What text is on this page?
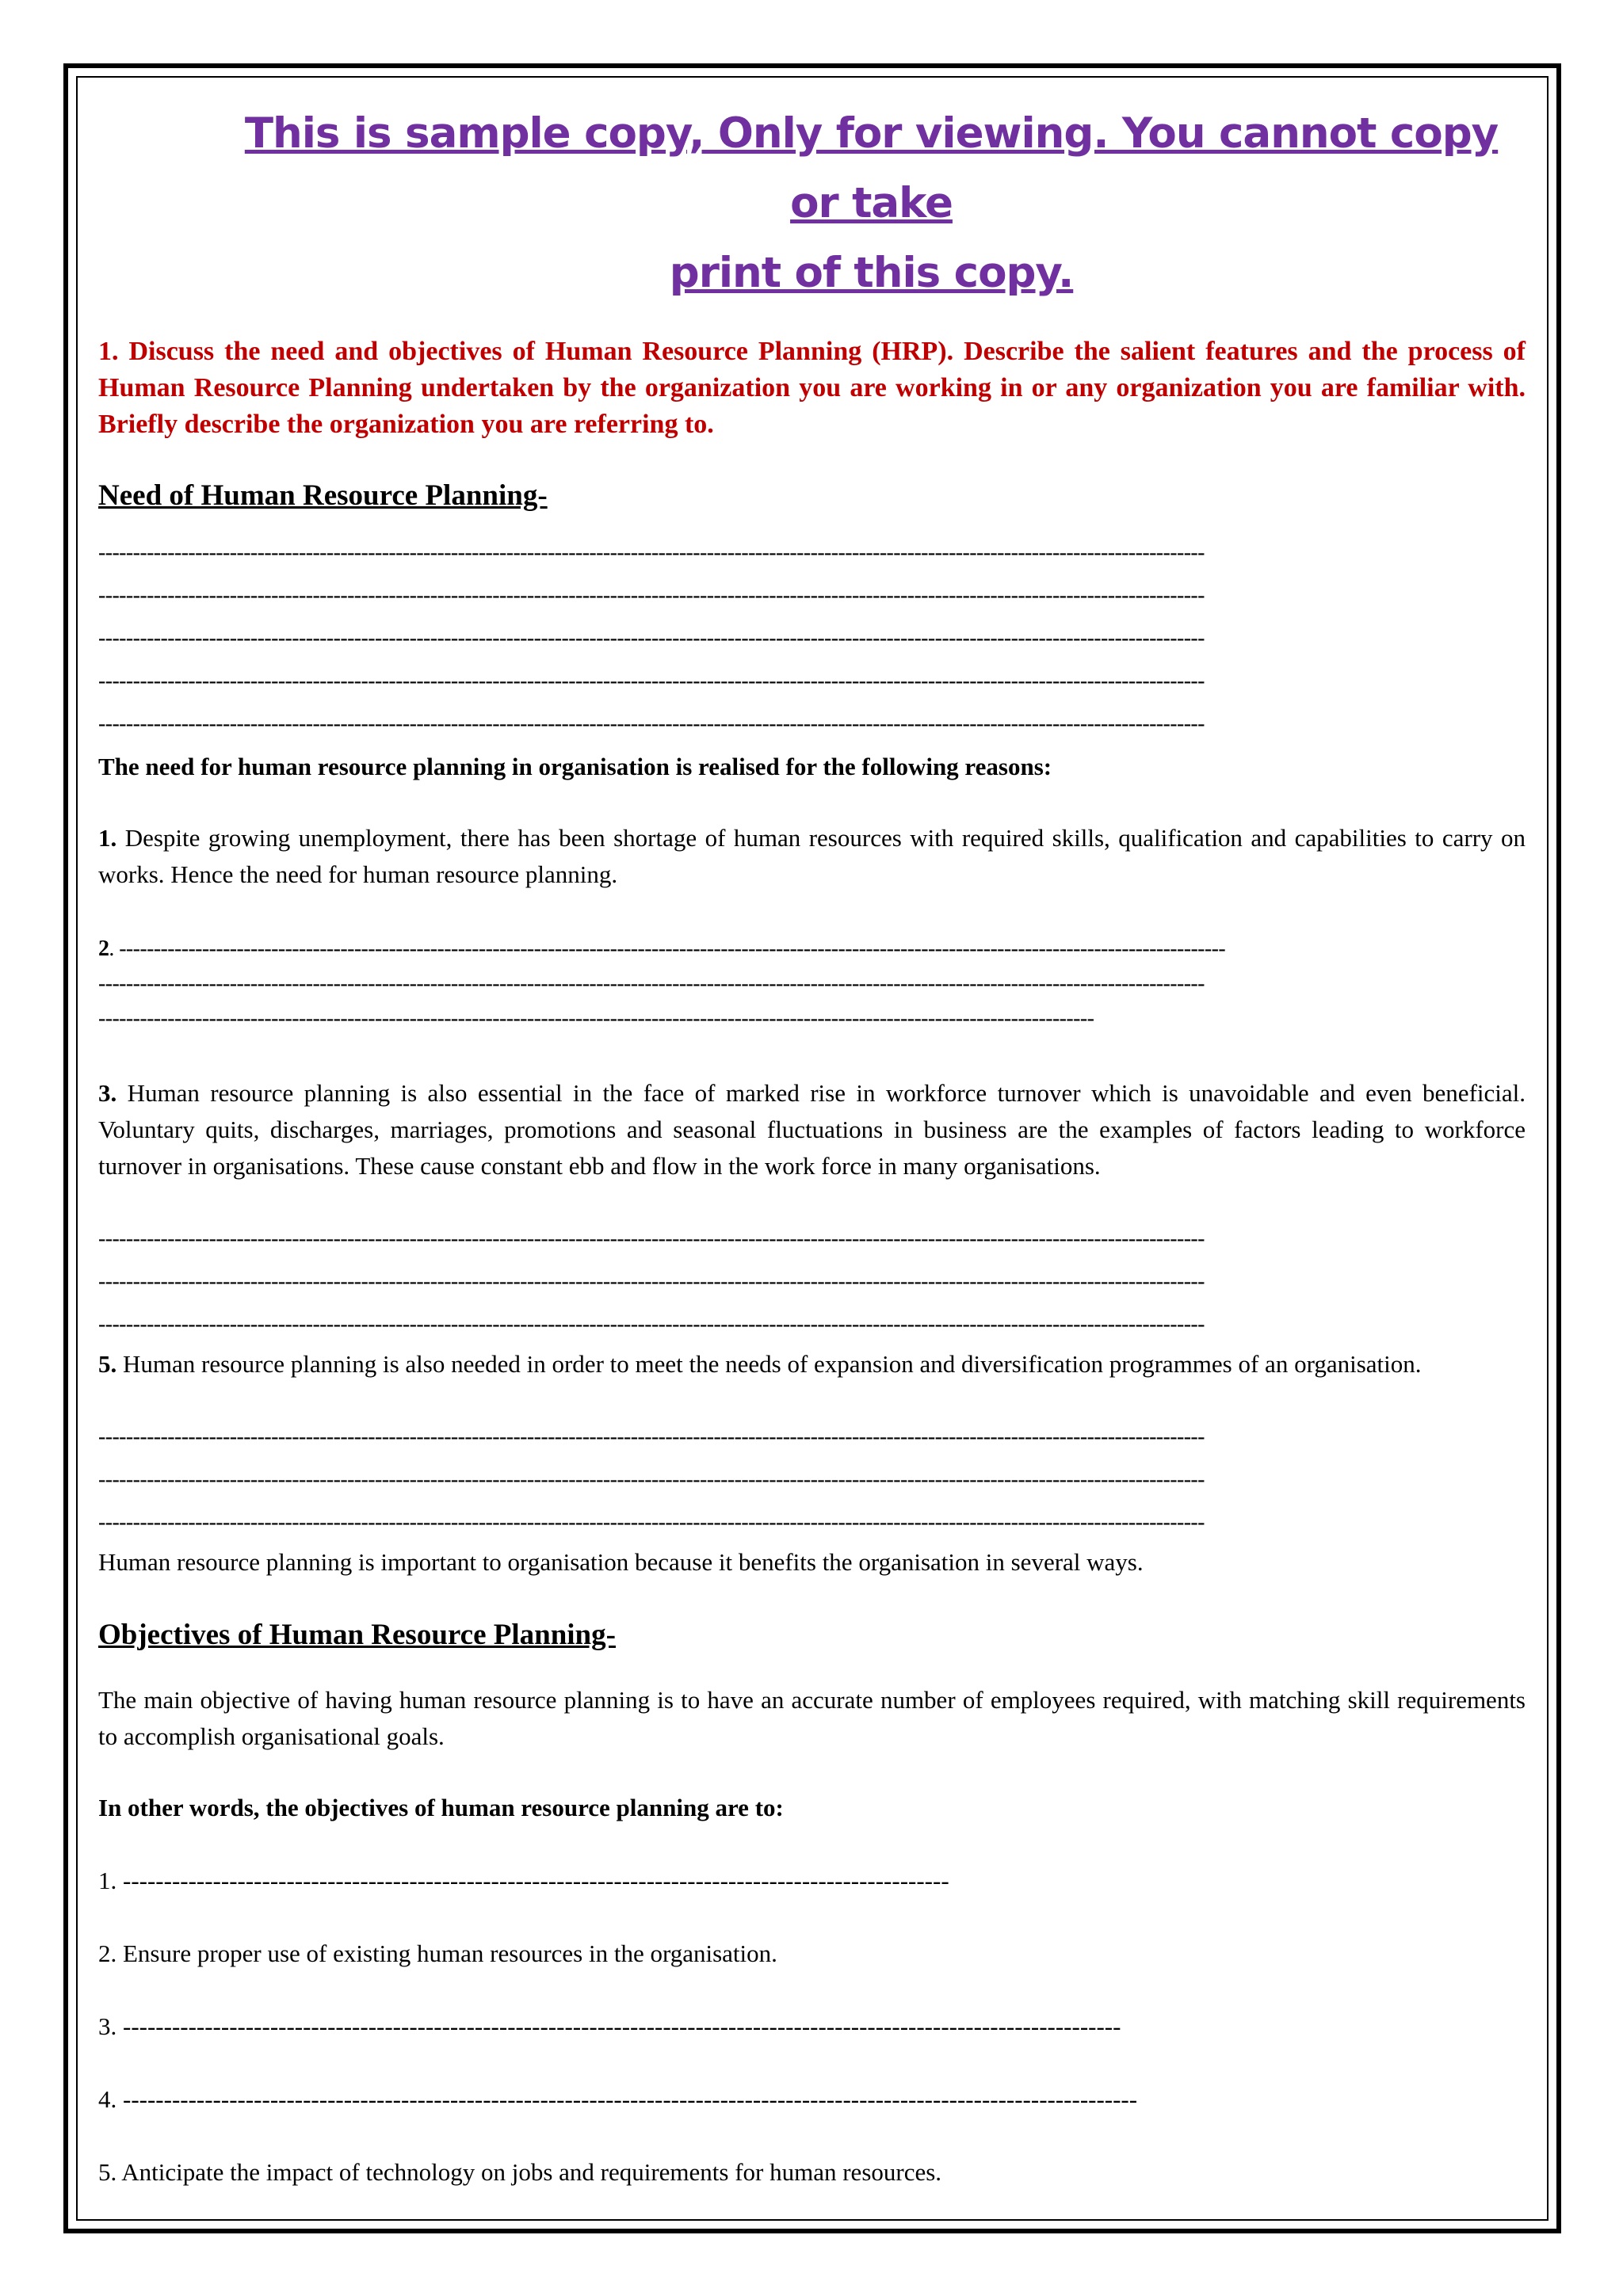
This is sample copy, Only for viewing. You cannot copy or take
print of this copy.
1. Discuss the need and objectives of Human Resource Planning (HRP). Describe the salient features and the process of Human Resource Planning undertaken by the organization you are working in or any organization you are familiar with. Briefly describe the organization you are referring to.
Need of Human Resource Planning-
----------------------------------------------------------------------------------------------------------------------------------------------------------------
----------------------------------------------------------------------------------------------------------------------------------------------------------------
----------------------------------------------------------------------------------------------------------------------------------------------------------------
----------------------------------------------------------------------------------------------------------------------------------------------------------------
----------------------------------------------------------------------------------------------------------------------------------------------------------------

The need for human resource planning in organisation is realised for the following reasons:

1. Despite growing unemployment, there has been shortage of human resources with required skills, qualification and capabilities to carry on works. Hence the need for human resource planning.

2. ----------------------------------------------------------------------------------------------------------------------------------------------------------------
----------------------------------------------------------------------------------------------------------------------------------------------------------------
------------------------------------------------------------------------------------------------------------------------------------------------

3. Human resource planning is also essential in the face of marked rise in workforce turnover which is unavoidable and even beneficial. Voluntary quits, discharges, marriages, promotions and seasonal fluctuations in business are the examples of factors leading to workforce turnover in organisations. These cause constant ebb and flow in the work force in many organisations.

----------------------------------------------------------------------------------------------------------------------------------------------------------------
----------------------------------------------------------------------------------------------------------------------------------------------------------------
----------------------------------------------------------------------------------------------------------------------------------------------------------------

5. Human resource planning is also needed in order to meet the needs of expansion and diversification programmes of an organisation.

----------------------------------------------------------------------------------------------------------------------------------------------------------------
----------------------------------------------------------------------------------------------------------------------------------------------------------------
----------------------------------------------------------------------------------------------------------------------------------------------------------------

Human resource planning is important to organisation because it benefits the organisation in several ways.

Objectives of Human Resource Planning-

The main objective of having human resource planning is to have an accurate number of employees required, with matching skill requirements to accomplish organisational goals.

In other words, the objectives of human resource planning are to:

1. -----------------------------------------------------------------------------------------------------
2. Ensure proper use of existing human resources in the organisation.
3. --------------------------------------------------------------------------------------------------------------------------
4. ----------------------------------------------------------------------------------------------------------------------------
5. Anticipate the impact of technology on jobs and requirements for human resources.
